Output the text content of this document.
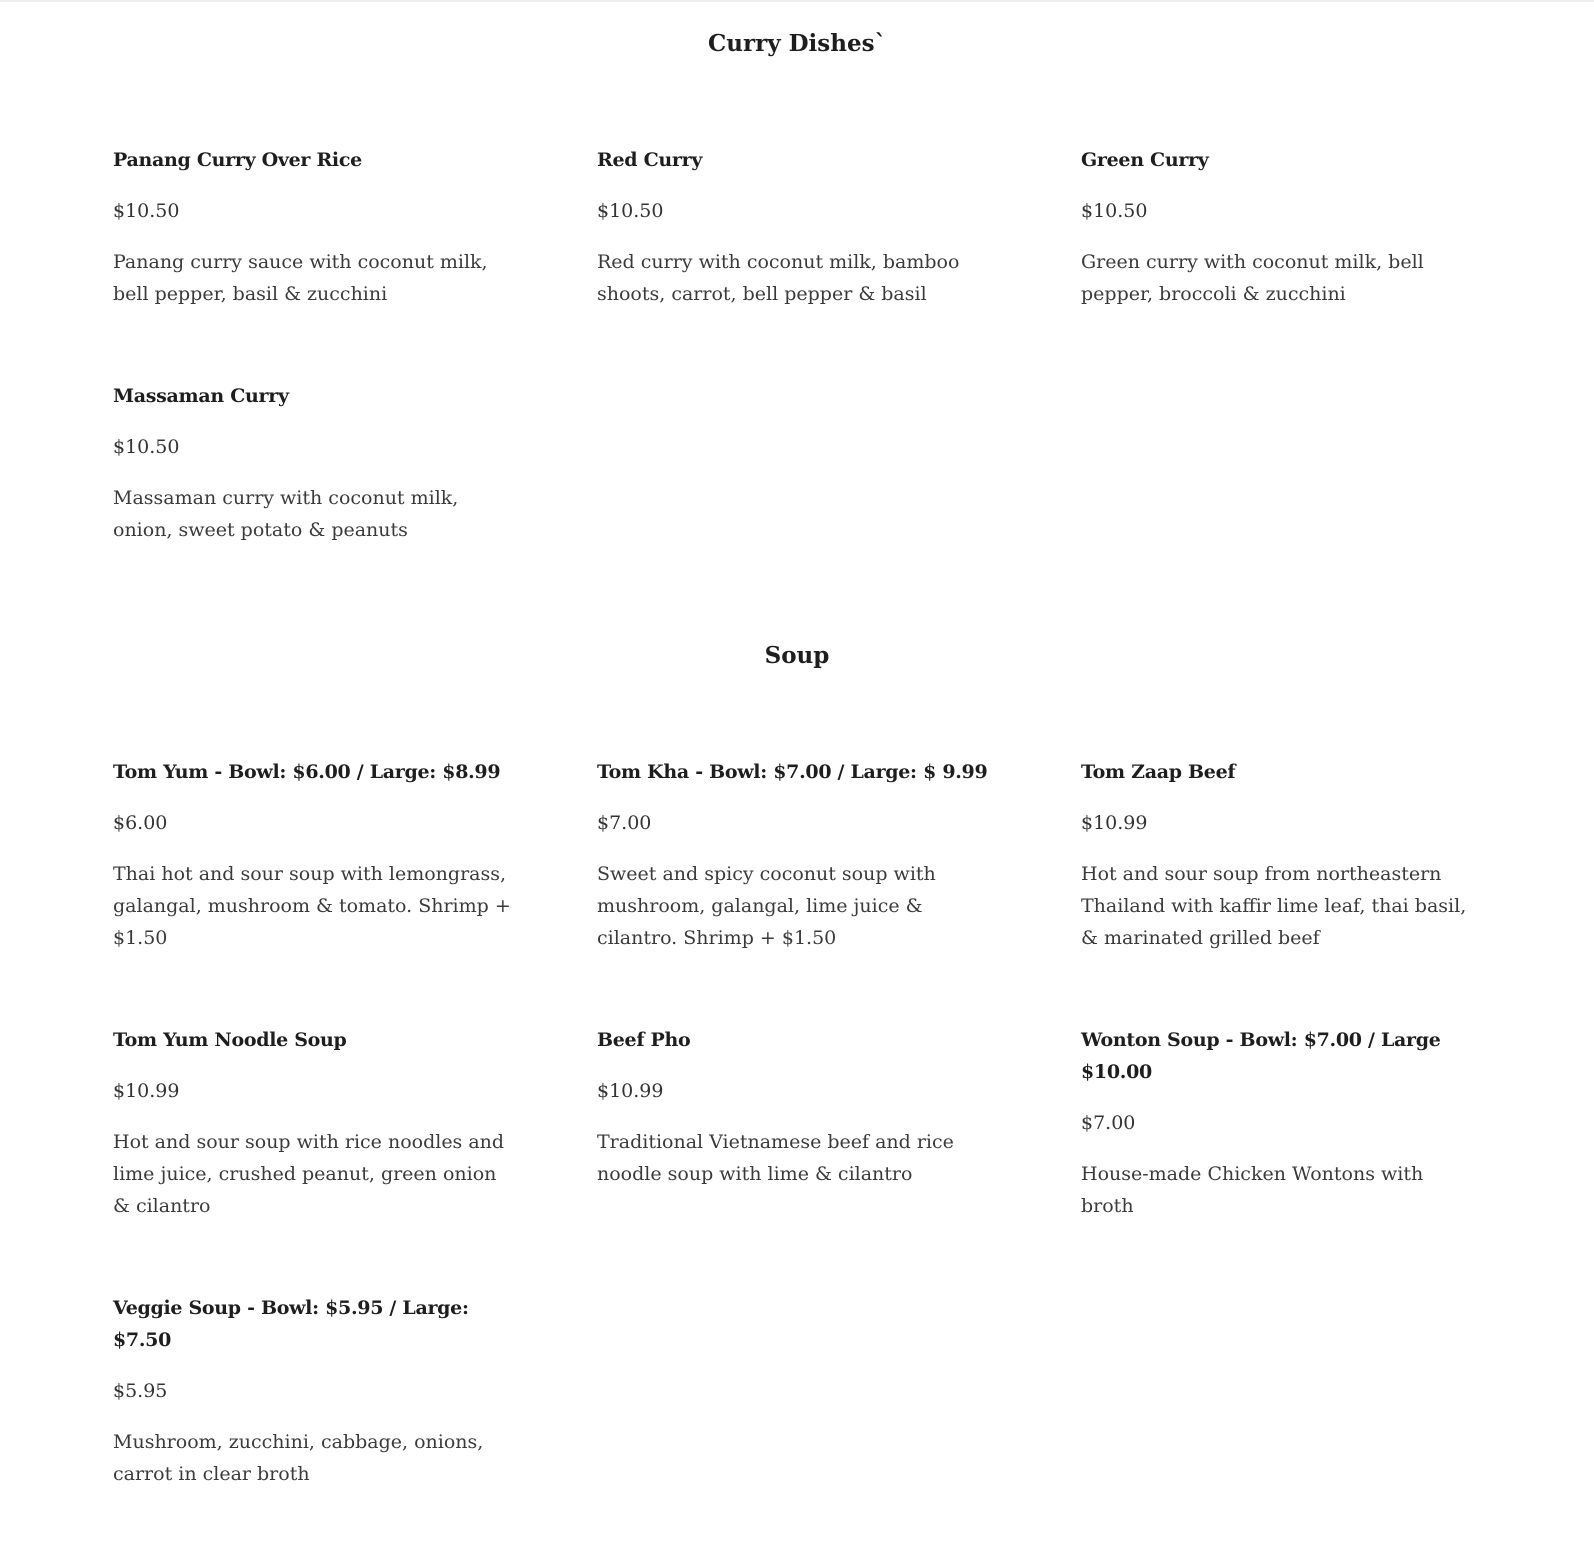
Curry Dishes`

Panang Curry Over Rice

$10.50

Panang curry sauce with coconut milk, bell pepper, basil & zucchini

Red Curry

$10.50

Red curry with coconut milk, bamboo shoots, carrot, bell pepper & basil

Green Curry

$10.50

Green curry with coconut milk, bell pepper, broccoli & zucchini

Massaman Curry

$10.50

Massaman curry with coconut milk, onion, sweet potato & peanuts

Soup

Tom Yum - Bowl: $6.00 / Large: $8.99

$6.00

Thai hot and sour soup with lemongrass, galangal, mushroom & tomato. Shrimp + $1.50

Tom Kha - Bowl: $7.00 / Large: $ 9.99

$7.00

Sweet and spicy coconut soup with mushroom, galangal, lime juice & cilantro. Shrimp + $1.50

Tom Zaap Beef

$10.99

Hot and sour soup from northeastern Thailand with kaffir lime leaf, thai basil, & marinated grilled beef

Tom Yum Noodle Soup

$10.99

Hot and sour soup with rice noodles and lime juice, crushed peanut, green onion & cilantro

Beef Pho

$10.99

Traditional Vietnamese beef and rice noodle soup with lime & cilantro

Wonton Soup - Bowl: $7.00 / Large $10.00

$7.00

House-made Chicken Wontons with broth

Veggie Soup - Bowl: $5.95 / Large: $7.50

$5.95

Mushroom, zucchini, cabbage, onions, carrot in clear broth
